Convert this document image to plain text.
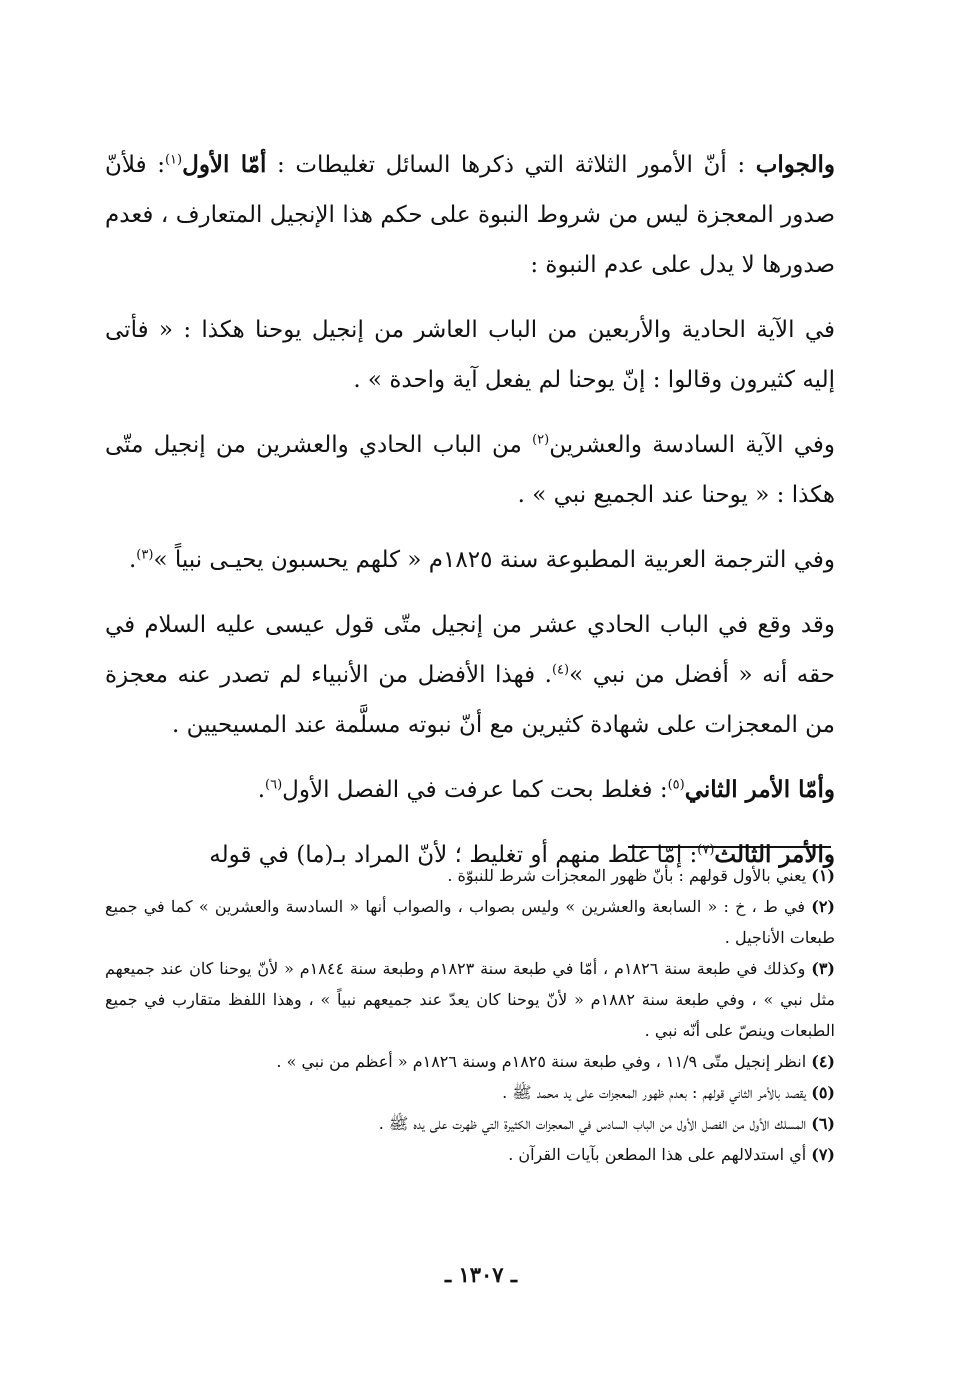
والجواب : أنّ الأمور الثلاثة التي ذكرها السائل تغليطات : أمّا الأول$^{(١)}$: فلأنّ صدور المعجزة ليس من شروط النبوة على حكم هذا الإنجيل المتعارف ، فعدم صدورها لا يدل على عدم النبوة :

في الآية الحادية والأربعين من الباب العاشر من إنجيل يوحنا هكذا : « فأتى إليه كثيرون وقالوا : إنّ يوحنا لم يفعل آية واحدة » .

وفي الآية السادسة والعشرين$^{(٢)}$ من الباب الحادي والعشرين من إنجيل متّى هكذا : « يوحنا عند الجميع نبي » .

وفي الترجمة العربية المطبوعة سنة ١٨٢٥م « كلهم يحسبون يحيـى نبياً »$^{(٣)}$.

وقد وقع في الباب الحادي عشر من إنجيل متّى قول عيسى عليه السلام في حقه أنه « أفضل من نبي »$^{(٤)}$. فهذا الأفضل من الأنبياء لم تصدر عنه معجزة من المعجزات على شهادة كثيرين مع أنّ نبوته مسلَّمة عند المسيحيين .

وأمّا الأمر الثاني$^{(٥)}$: فغلط بحت كما عرفت في الفصل الأول$^{(٦)}$.

والأمر الثالث$^{(٧)}$: إمّا غلط منهم أو تغليط ؛ لأنّ المراد بـ(ما) في قوله

(١) يعني بالأول قولهم : بأنّ ظهور المعجزات شرط للنبوّة .

(٢) في ط ، خ : « السابعة والعشرين » وليس بصواب ، والصواب أنها « السادسة والعشرين » كما في جميع طبعات الأناجيل .

(٣) وكذلك في طبعة سنة ١٨٢٦م ، أمّا في طبعة سنة ١٨٢٣م وطبعة سنة ١٨٤٤م « لأنّ يوحنا كان عند جميعهم مثل نبي » ، وفي طبعة سنة ١٨٨٢م « لأنّ يوحنا كان يعدّ عند جميعهم نبياً » ، وهذا اللفظ متقارب في جميع الطبعات وينصّ على أنّه نبي .

(٤) انظر إنجيل متّى ١١/٩ ، وفي طبعة سنة ١٨٢٥م وسنة ١٨٢٦م « أعظم من نبي » .

(٥) يقصد بالأمر الثاني قولهم : بعدم ظهور المعجزات على يد محمد ﷺ .

(٦) المسلك الأول من الفصل الأول من الباب السادس في المعجزات الكثيرة التي ظهرت على يده ﷺ .

(٧) أي استدلالهم على هذا المطعن بآيات القرآن .

ـ ١٣٠٧ ـ
